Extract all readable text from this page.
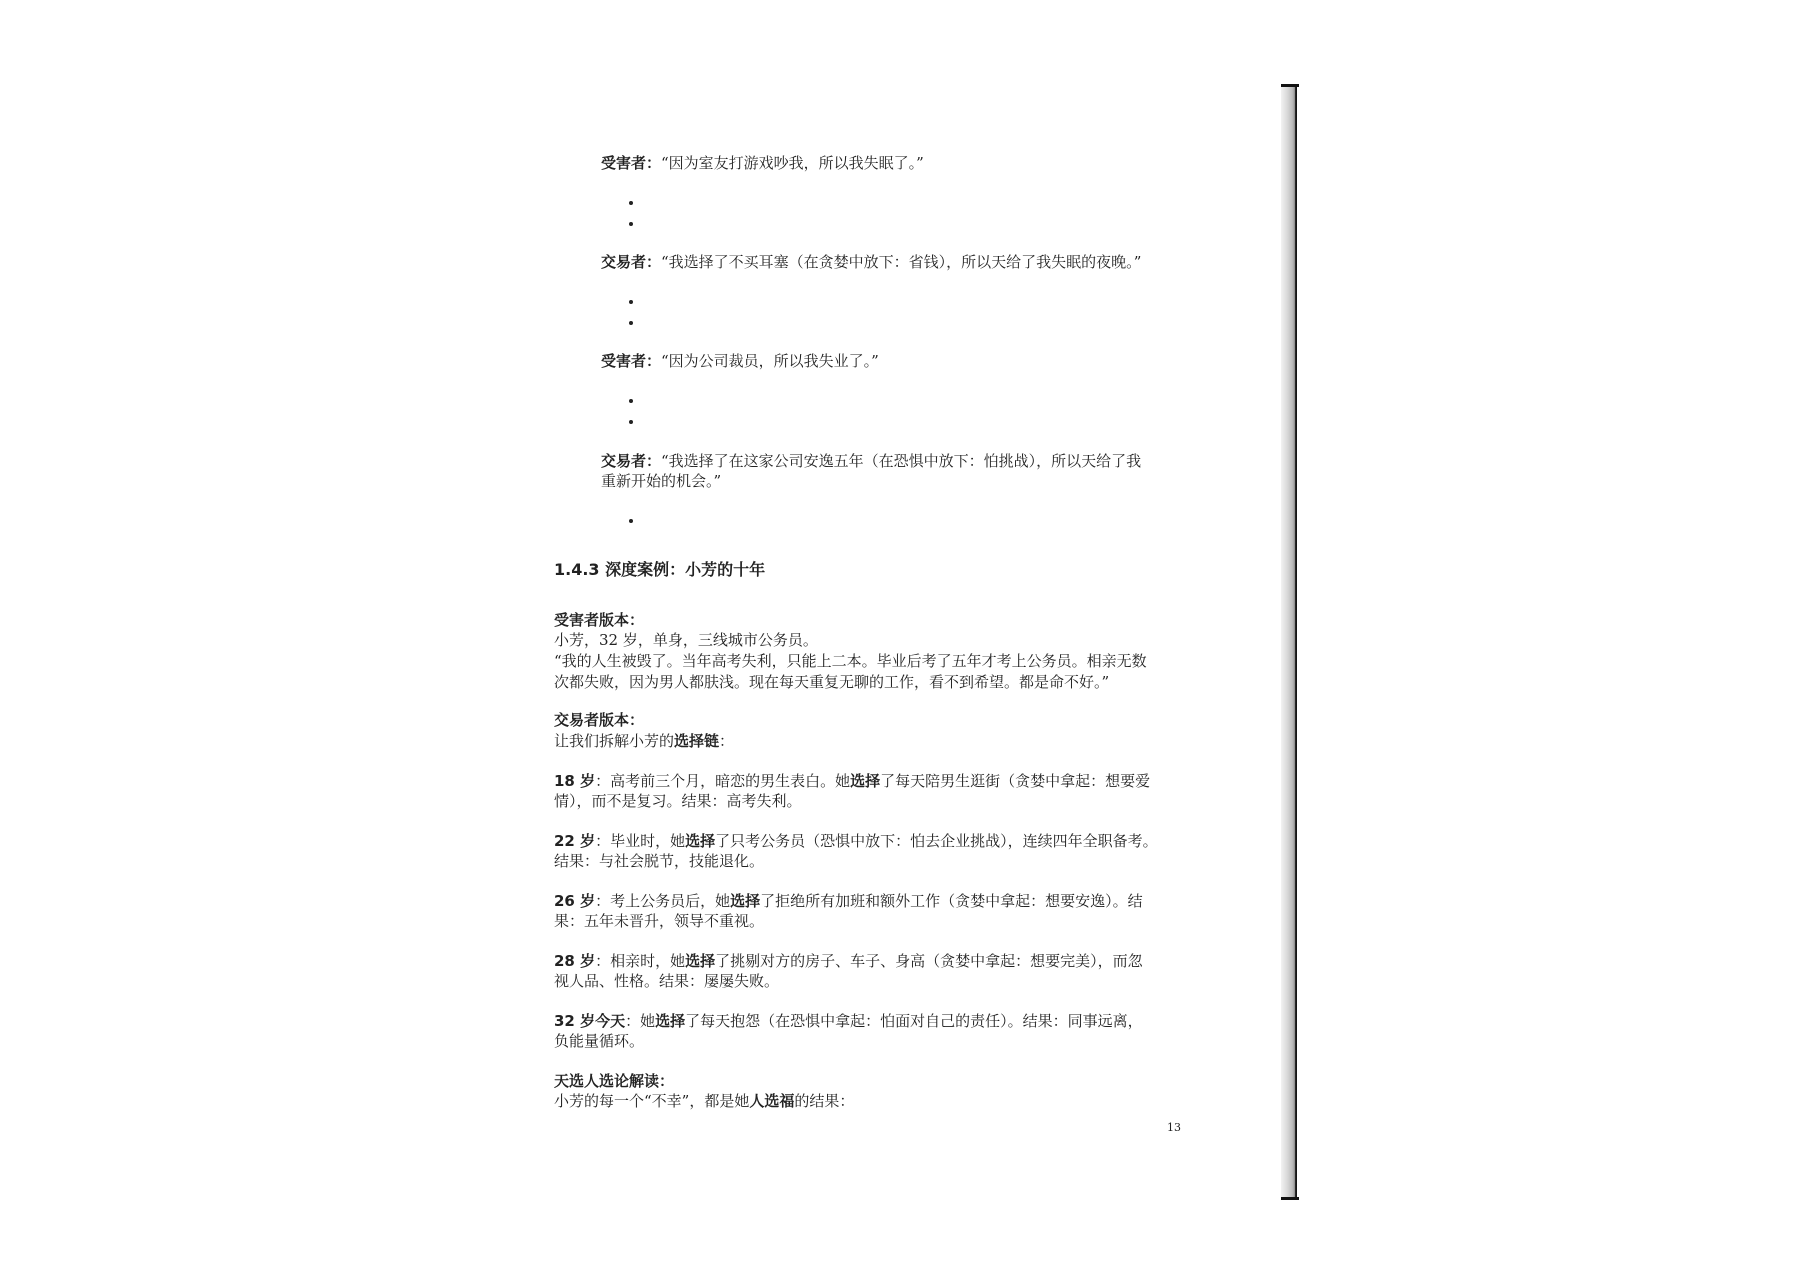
受害者：“因为室友打游戏吵我，所以我失眠了。”
交易者：“我选择了不买耳塞（在贪婪中放下：省钱），所以天给了我失眠的夜晚。”
受害者：“因为公司裁员，所以我失业了。”
交易者：“我选择了在这家公司安逸五年（在恐惧中放下：怕挑战），所以天给了我
重新开始的机会。”
1.4.3 深度案例：小芳的十年
受害者版本：
小芳，32 岁，单身，三线城市公务员。
“我的人生被毁了。当年高考失利，只能上二本。毕业后考了五年才考上公务员。相亲无数
次都失败，因为男人都肤浅。现在每天重复无聊的工作，看不到希望。都是命不好。”
交易者版本：
让我们拆解小芳的选择链：
18 岁：高考前三个月，暗恋的男生表白。她选择了每天陪男生逛街（贪婪中拿起：想要爱
情），而不是复习。结果：高考失利。
22 岁：毕业时，她选择了只考公务员（恐惧中放下：怕去企业挑战），连续四年全职备考。
结果：与社会脱节，技能退化。
26 岁：考上公务员后，她选择了拒绝所有加班和额外工作（贪婪中拿起：想要安逸）。结
果：五年未晋升，领导不重视。
28 岁：相亲时，她选择了挑剔对方的房子、车子、身高（贪婪中拿起：想要完美），而忽
视人品、性格。结果：屡屡失败。
32 岁今天：她选择了每天抱怨（在恐惧中拿起：怕面对自己的责任）。结果：同事远离，
负能量循环。
天选人选论解读：
小芳的每一个“不幸”，都是她人选福的结果：
13
